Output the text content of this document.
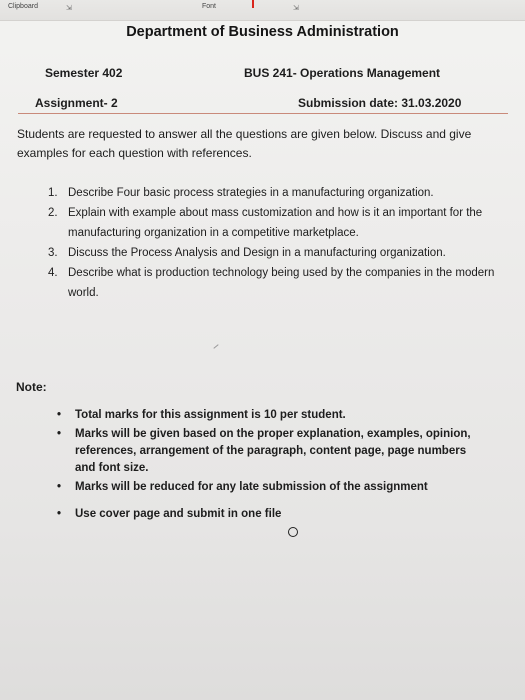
Clipboard	⇲	Font	⇲
Department of Business Administration
Semester 402	BUS 241- Operations Management
Assignment- 2	Submission date: 31.03.2020
Students are requested to answer all the questions are given below. Discuss and give examples for each question with references.
1. Describe Four basic process strategies in a manufacturing organization.
2. Explain with example about mass customization and how is it an important for the manufacturing organization in a competitive marketplace.
3. Discuss the Process Analysis and Design in a manufacturing organization.
4. Describe what is production technology being used by the companies in the modern world.
Note:
• Total marks for this assignment is 10 per student.
• Marks will be given based on the proper explanation, examples, opinion, references, arrangement of the paragraph, content page, page numbers and font size.
• Marks will be reduced for any late submission of the assignment
• Use cover page and submit in one file
